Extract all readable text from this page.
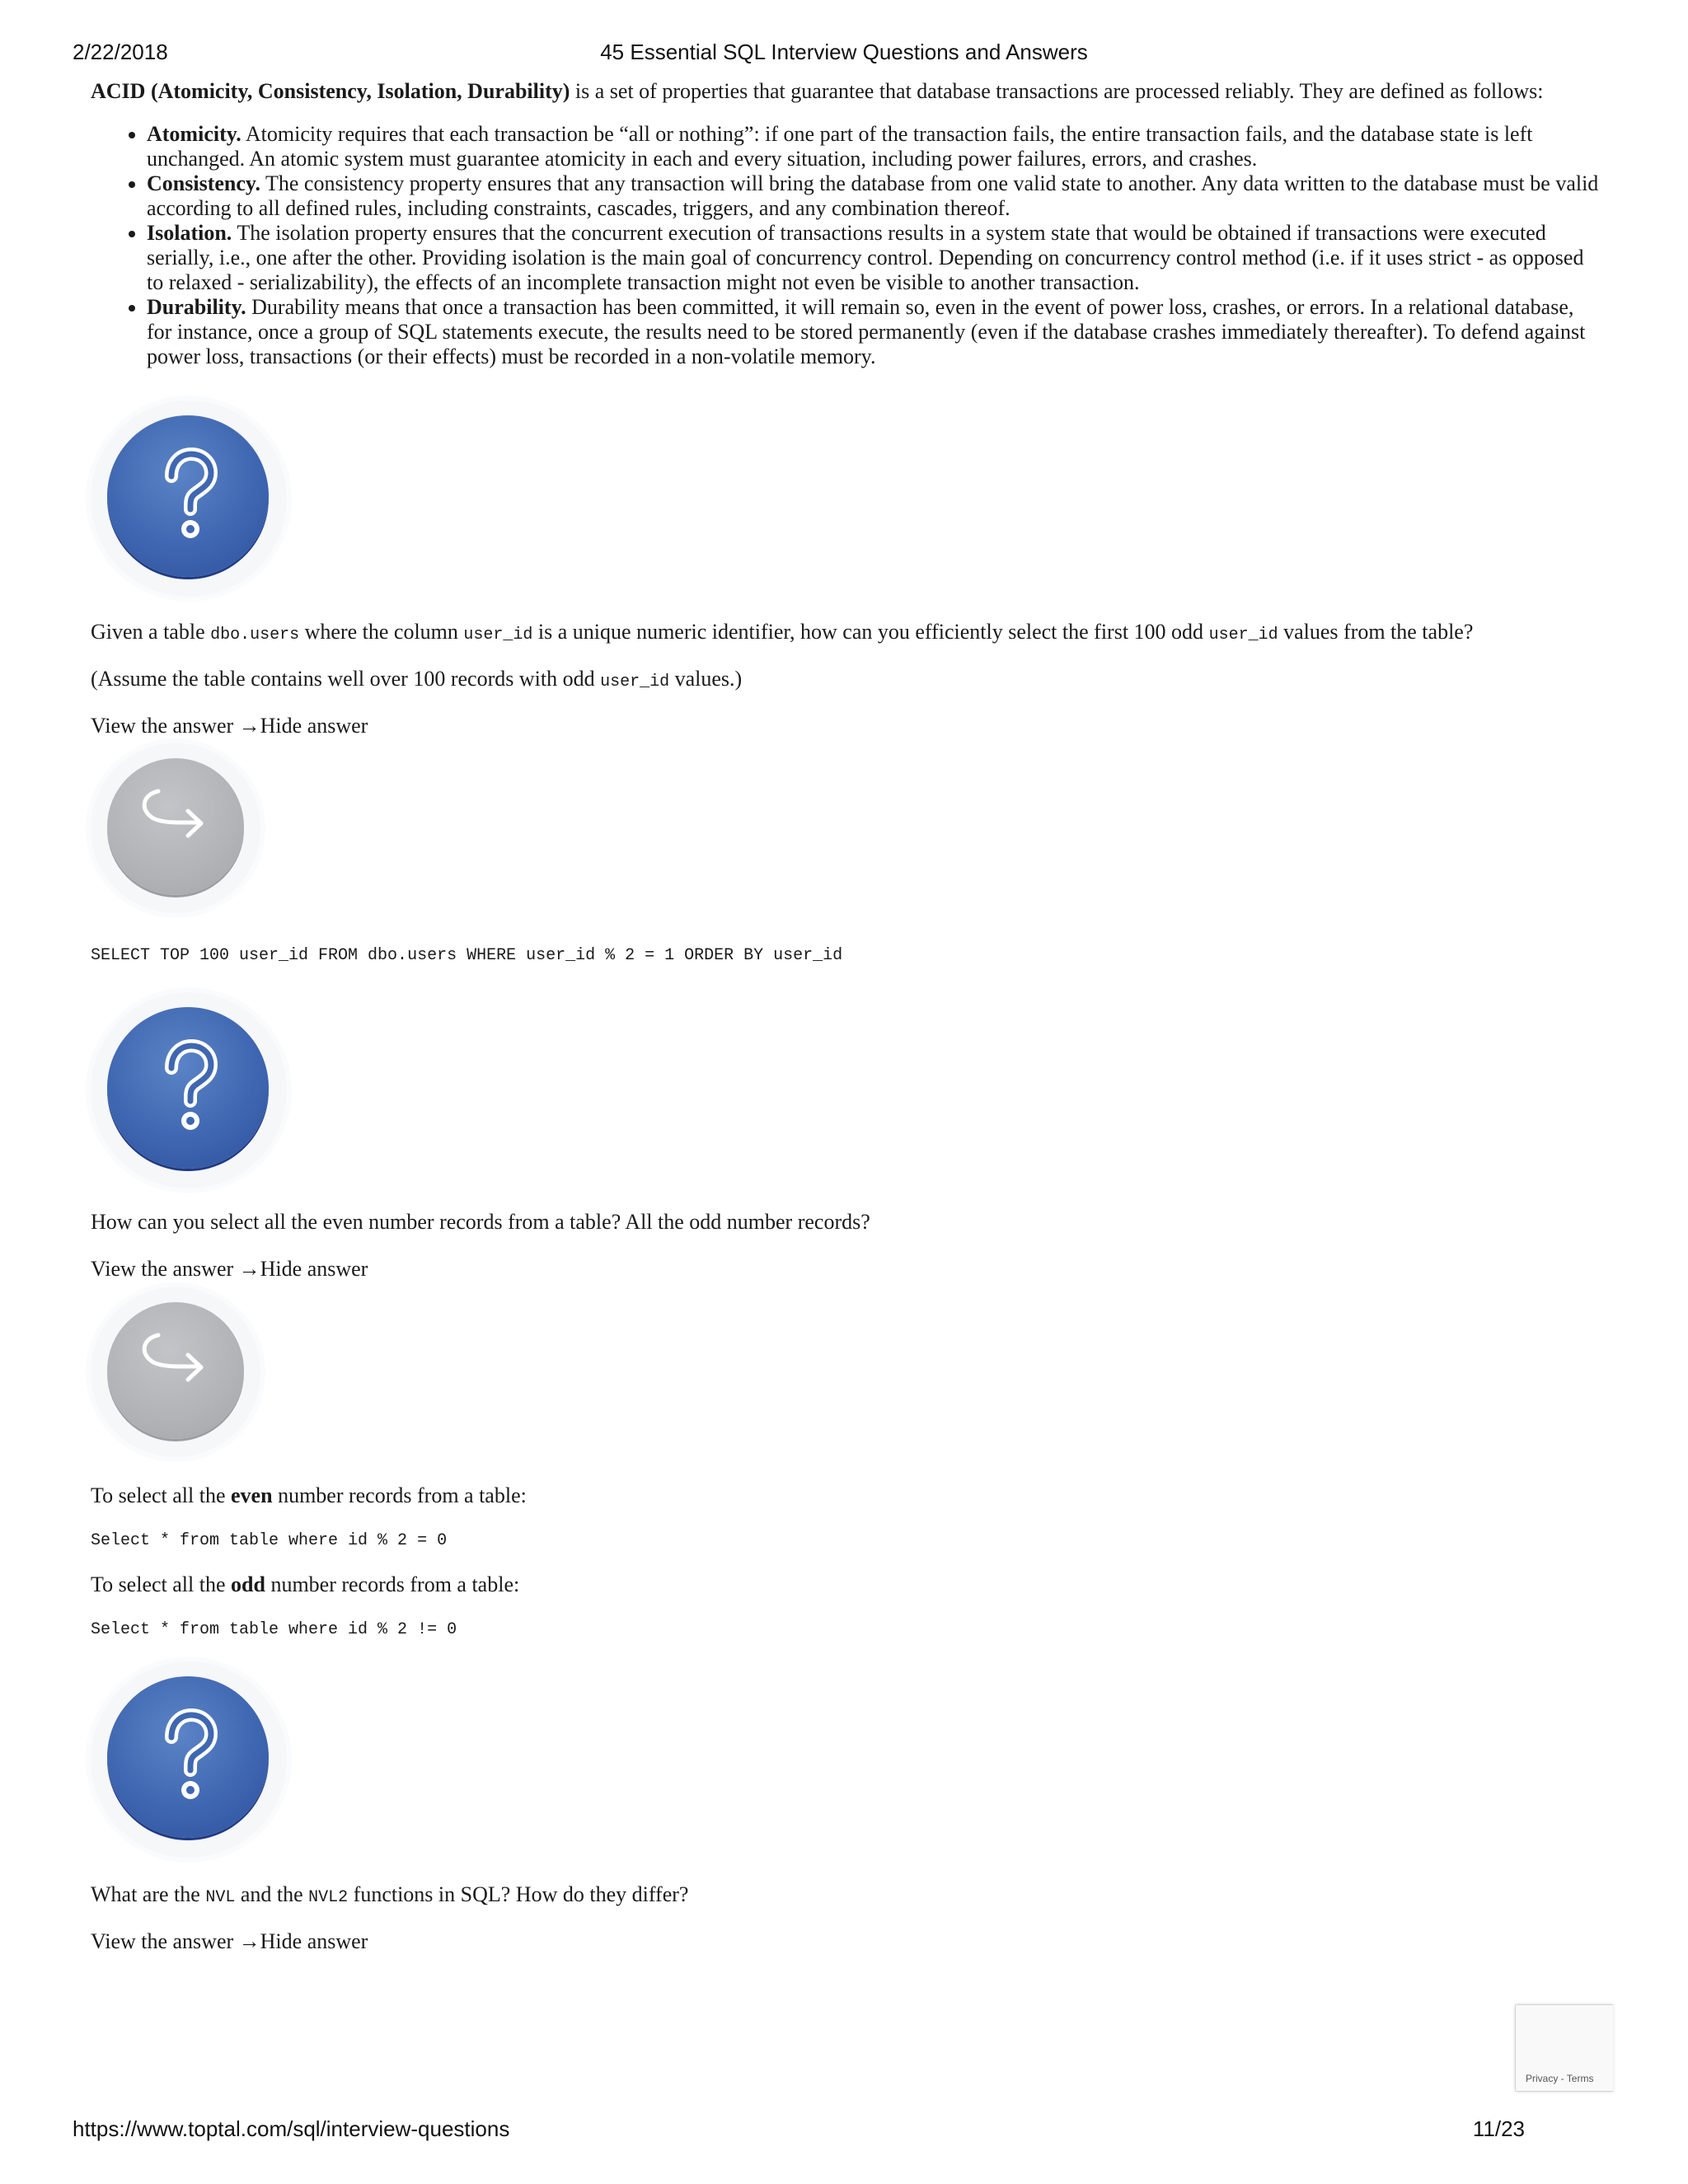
2/22/2018	45 Essential SQL Interview Questions and Answers

ACID (Atomicity, Consistency, Isolation, Durability) is a set of properties that guarantee that database transactions are processed reliably. They are defined as follows:

• Atomicity. Atomicity requires that each transaction be “all or nothing”: if one part of the transaction fails, the entire transaction fails, and the database state is left unchanged. An atomic system must guarantee atomicity in each and every situation, including power failures, errors, and crashes.
• Consistency. The consistency property ensures that any transaction will bring the database from one valid state to another. Any data written to the database must be valid according to all defined rules, including constraints, cascades, triggers, and any combination thereof.
• Isolation. The isolation property ensures that the concurrent execution of transactions results in a system state that would be obtained if transactions were executed serially, i.e., one after the other. Providing isolation is the main goal of concurrency control. Depending on concurrency control method (i.e. if it uses strict - as opposed to relaxed - serializability), the effects of an incomplete transaction might not even be visible to another transaction.
• Durability. Durability means that once a transaction has been committed, it will remain so, even in the event of power loss, crashes, or errors. In a relational database, for instance, once a group of SQL statements execute, the results need to be stored permanently (even if the database crashes immediately thereafter). To defend against power loss, transactions (or their effects) must be recorded in a non-volatile memory.
Given a table dbo.users where the column user_id is a unique numeric identifier, how can you efficiently select the first 100 odd user_id values from the table?
(Assume the table contains well over 100 records with odd user_id values.)
View the answer →Hide answer
SELECT TOP 100 user_id FROM dbo.users WHERE user_id % 2 = 1 ORDER BY user_id
How can you select all the even number records from a table? All the odd number records?
View the answer →Hide answer
To select all the even number records from a table:
Select * from table where id % 2 = 0
To select all the odd number records from a table:
Select * from table where id % 2 != 0
What are the NVL and the NVL2 functions in SQL? How do they differ?
View the answer →Hide answer
Privacy - Terms
https://www.toptal.com/sql/interview-questions	11/23
